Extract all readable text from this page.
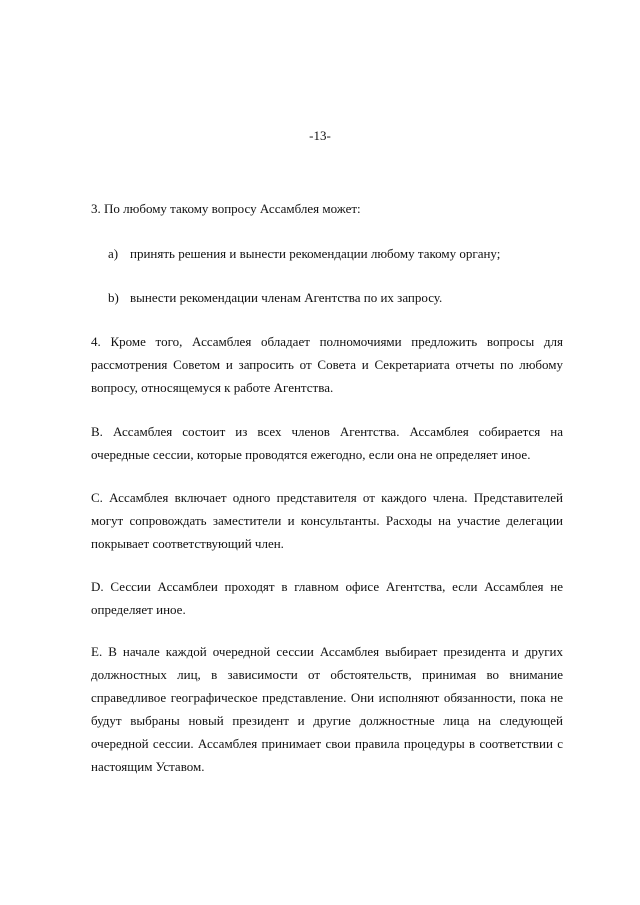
-13-

3. По любому такому вопросу Ассамблея может:

a) принять решения и вынести рекомендации любому такому органу;

b) вынести рекомендации членам Агентства по их запросу.

4. Кроме того, Ассамблея обладает полномочиями предложить вопросы для рассмотрения Советом и запросить от Совета и Секретариата отчеты по любому вопросу, относящемуся к работе Агентства.

B. Ассамблея состоит из всех членов Агентства. Ассамблея собирается на очередные сессии, которые проводятся ежегодно, если она не определяет иное.

C. Ассамблея включает одного представителя от каждого члена. Представителей могут сопровождать заместители и консультанты. Расходы на участие делегации покрывает соответствующий член.

D. Сессии Ассамблеи проходят в главном офисе Агентства, если Ассамблея не определяет иное.

E. В начале каждой очередной сессии Ассамблея выбирает президента и других должностных лиц, в зависимости от обстоятельств, принимая во внимание справедливое географическое представление. Они исполняют обязанности, пока не будут выбраны новый президент и другие должностные лица на следующей очередной сессии. Ассамблея принимает свои правила процедуры в соответствии с настоящим Уставом.
